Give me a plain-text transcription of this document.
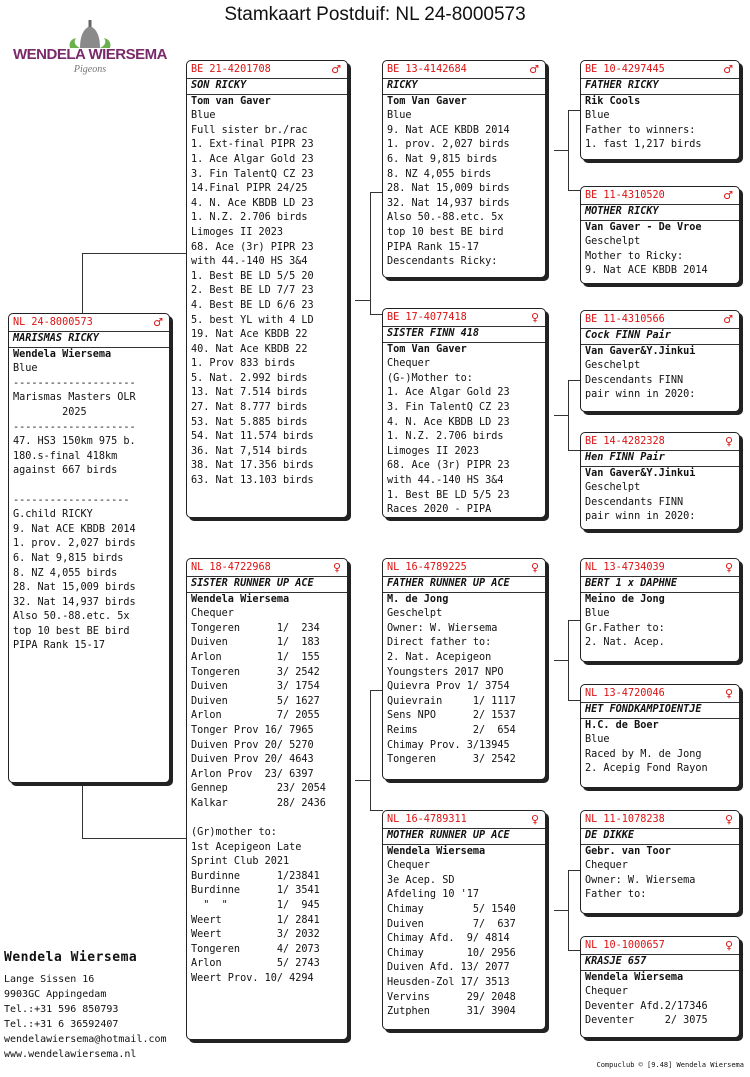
Stamkaart Postduif: NL 24-8000573
WENDELA WIERSEMA
Pigeons
NL 24-8000573	♂
MARISMAS RICKY
Wendela Wiersema
Blue
--------------------
Marismas Masters OLR
2025
--------------------
47. HS3 150km 975 b.
180.s-final 418km
against 667 birds

-------------------
G.child RICKY
9. Nat ACE KBDB 2014
1. prov. 2,027 birds
6. Nat 9,815 birds
8. NZ 4,055 birds
28. Nat 15,009 birds
32. Nat 14,937 birds
Also 50.-88.etc. 5x
top 10 best BE bird
PIPA Rank 15-17
BE 21-4201708	♂
SON RICKY
Tom van Gaver
Blue
Full sister br./rac
1. Ext-final PIPR 23
1. Ace Algar Gold 23
3. Fin TalentQ CZ 23
14.Final PIPR 24/25
4. N. Ace KBDB LD 23
1. N.Z. 2.706 birds
Limoges II 2023
68. Ace (3r) PIPR 23
with 44.-140 HS 3&4
1. Best BE LD 5/5 20
2. Best BE LD 7/7 23
4. Best BE LD 6/6 23
5. best YL with 4 LD
19. Nat Ace KBDB 22
40. Nat Ace KBDB 22
1. Prov 833 birds
5. Nat. 2.992 birds
13. Nat 7.514 birds
27. Nat 8.777 birds
53. Nat 5.885 birds
54. Nat 11.574 birds
36. Nat 7,514 birds
38. Nat 17.356 birds
63. Nat 13.103 birds
NL 18-4722968	♀
SISTER RUNNER UP ACE
Wendela Wiersema
Chequer
Tongeren      1/  234
Duiven        1/  183
Arlon         1/  155
Tongeren      3/ 2542
Duiven        3/ 1754
Duiven        5/ 1627
Arlon         7/ 2055
Tonger Prov 16/ 7965
Duiven Prov 20/ 5270
Duiven Prov 20/ 4643
Arlon Prov  23/ 6397
Gennep        23/ 2054
Kalkar        28/ 2436

(Gr)mother to:
1st Acepigeon Late
Sprint Club 2021
Burdinne      1/23841
Burdinne      1/ 3541
"  "        1/  945
Weert         1/ 2841
Weert         3/ 2032
Tongeren      4/ 2073
Arlon         5/ 2743
Weert Prov. 10/ 4294
BE 13-4142684	♂
RICKY
Tom Van Gaver
Blue
9. Nat ACE KBDB 2014
1. prov. 2,027 birds
6. Nat 9,815 birds
8. NZ 4,055 birds
28. Nat 15,009 birds
32. Nat 14,937 birds
Also 50.-88.etc. 5x
top 10 best BE bird
PIPA Rank 15-17
Descendants Ricky:
BE 17-4077418	♀
SISTER FINN 418
Tom Van Gaver
Chequer
(G-)Mother to:
1. Ace Algar Gold 23
3. Fin TalentQ CZ 23
4. N. Ace KBDB LD 23
1. N.Z. 2.706 birds
Limoges II 2023
68. Ace (3r) PIPR 23
with 44.-140 HS 3&4
1. Best BE LD 5/5 23
Races 2020 - PIPA
NL 16-4789225	♀
FATHER RUNNER UP ACE
M. de Jong
Geschelpt
Owner: W. Wiersema
Direct father to:
2. Nat. Acepigeon
Youngsters 2017 NPO
Quievra Prov 1/ 3754
Quievrain     1/ 1117
Sens NPO      2/ 1537
Reims         2/  654
Chimay Prov. 3/13945
Tongeren      3/ 2542
NL 16-4789311	♀
MOTHER RUNNER UP ACE
Wendela Wiersema
Chequer
3e Acep. SD
Afdeling 10 '17
Chimay        5/ 1540
Duiven        7/  637
Chimay Afd.  9/ 4814
Chimay       10/ 2956
Duiven Afd. 13/ 2077
Heusden-Zol 17/ 3513
Vervins      29/ 2048
Zutphen      31/ 3904
BE 10-4297445	♂
FATHER RICKY
Rik Cools
Blue
Father to winners:
1. fast 1,217 birds
BE 11-4310520	♂
MOTHER RICKY
Van Gaver - De Vroe
Geschelpt
Mother to Ricky:
9. Nat ACE KBDB 2014
BE 11-4310566	♂
Cock FINN Pair
Van Gaver&Y.Jinkui
Geschelpt
Descendants FINN
pair winn in 2020:
BE 14-4282328	♀
Hen FINN Pair
Van Gaver&Y.Jinkui
Geschelpt
Descendants FINN
pair winn in 2020:
NL 13-4734039	♀
BERT 1 x DAPHNE
Meino de Jong
Blue
Gr.Father to:
2. Nat. Acep.
NL 13-4720046	♀
HET FONDKAMPIOENTJE
H.C. de Boer
Blue
Raced by M. de Jong
2. Acepig Fond Rayon
NL 11-1078238	♀
DE DIKKE
Gebr. van Toor
Chequer
Owner: W. Wiersema
Father to:
NL 10-1000657	♀
KRASJE 657
Wendela Wiersema
Chequer
Deventer Afd.2/17346
Deventer     2/ 3075
Wendela Wiersema
Lange Sissen 16
9903GC Appingedam
Tel.:+31 596 850793
Tel.:+31 6 36592407
wendelawiersema@hotmail.com
www.wendelawiersema.nl
Compuclub © [9.48] Wendela Wiersema
